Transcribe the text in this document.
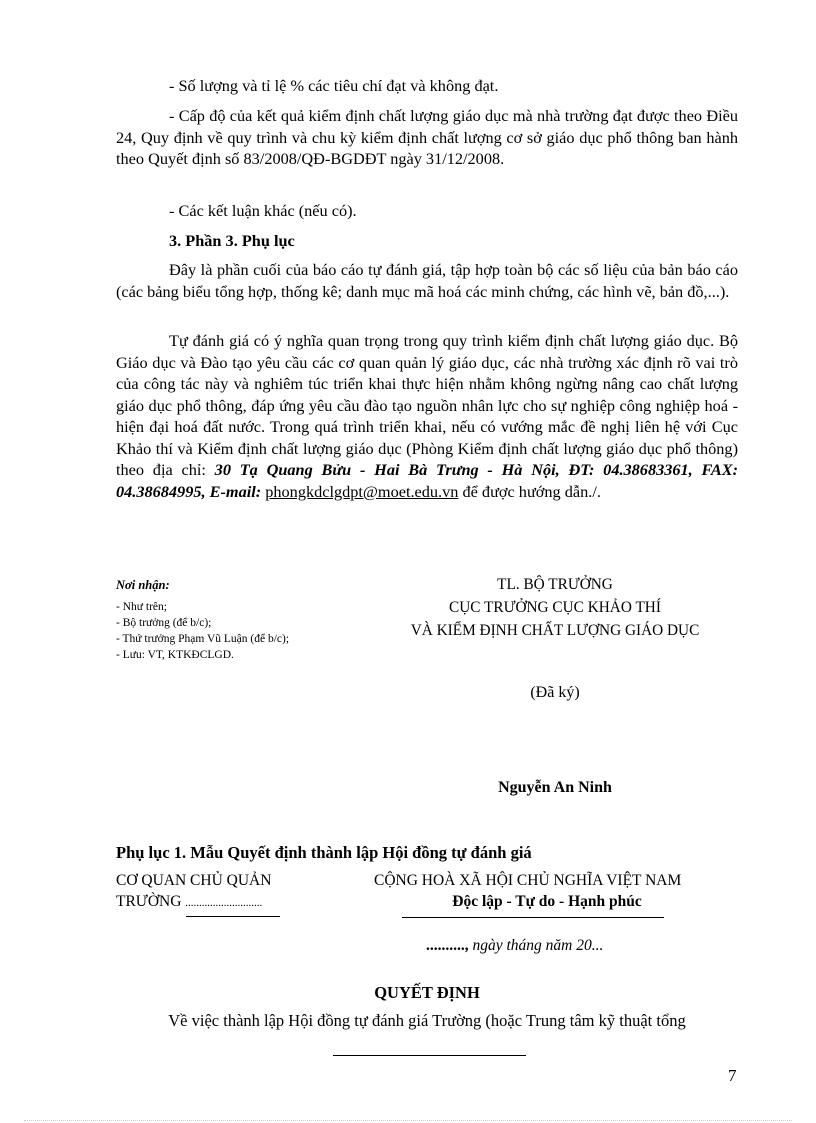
- Số lượng và tỉ lệ % các tiêu chí đạt và không đạt.

- Cấp độ của kết quả kiểm định chất lượng giáo dục mà nhà trường đạt được theo Điều 24, Quy định về quy trình và chu kỳ kiểm định chất lượng cơ sở giáo dục phổ thông ban hành theo Quyết định số 83/2008/QĐ-BGDĐT ngày 31/12/2008.

- Các kết luận khác (nếu có).

3. Phần 3. Phụ lục

Đây là phần cuối của báo cáo tự đánh giá, tập hợp toàn bộ các số liệu của bản báo cáo (các bảng biểu tổng hợp, thống kê; danh mục mã hoá các minh chứng, các hình vẽ, bản đồ,...).

Tự đánh giá có ý nghĩa quan trọng trong quy trình kiểm định chất lượng giáo dục. Bộ Giáo dục và Đào tạo yêu cầu các cơ quan quản lý giáo dục, các nhà trường xác định rõ vai trò của công tác này và nghiêm túc triển khai thực hiện nhằm không ngừng nâng cao chất lượng giáo dục phổ thông, đáp ứng yêu cầu đào tạo nguồn nhân lực cho sự nghiệp công nghiệp hoá - hiện đại hoá đất nước. Trong quá trình triển khai, nếu có vướng mắc đề nghị liên hệ với Cục Khảo thí và Kiểm định chất lượng giáo dục (Phòng Kiểm định chất lượng giáo dục phổ thông) theo địa chỉ: 30 Tạ Quang Bửu - Hai Bà Trưng - Hà Nội, ĐT: 04.38683361, FAX: 04.38684995, E-mail: phongkdclgdpt@moet.edu.vn để được hướng dẫn./.

Nơi nhận:
- Như trên;
- Bộ trưởng (để b/c);
- Thứ trưởng Phạm Vũ Luận (để b/c);
- Lưu: VT, KTKĐCLGD.
TL. BỘ TRƯỞNG
CỤC TRƯỞNG CỤC KHẢO THÍ
VÀ KIỂM ĐỊNH CHẤT LƯỢNG GIÁO DỤC
(Đã ký)
Nguyễn An Ninh
Phụ lục 1. Mẫu Quyết định thành lập Hội đồng tự đánh giá
CƠ QUAN CHỦ QUẢN
TRƯỜNG ............................
CỘNG HOÀ XÃ HỘI CHỦ NGHĨA VIỆT NAM
Độc lập - Tự do - Hạnh phúc
.........., ngày tháng năm 20...
QUYẾT ĐỊNH
Về việc thành lập Hội đồng tự đánh giá Trường (hoặc Trung tâm kỹ thuật tổng
7
